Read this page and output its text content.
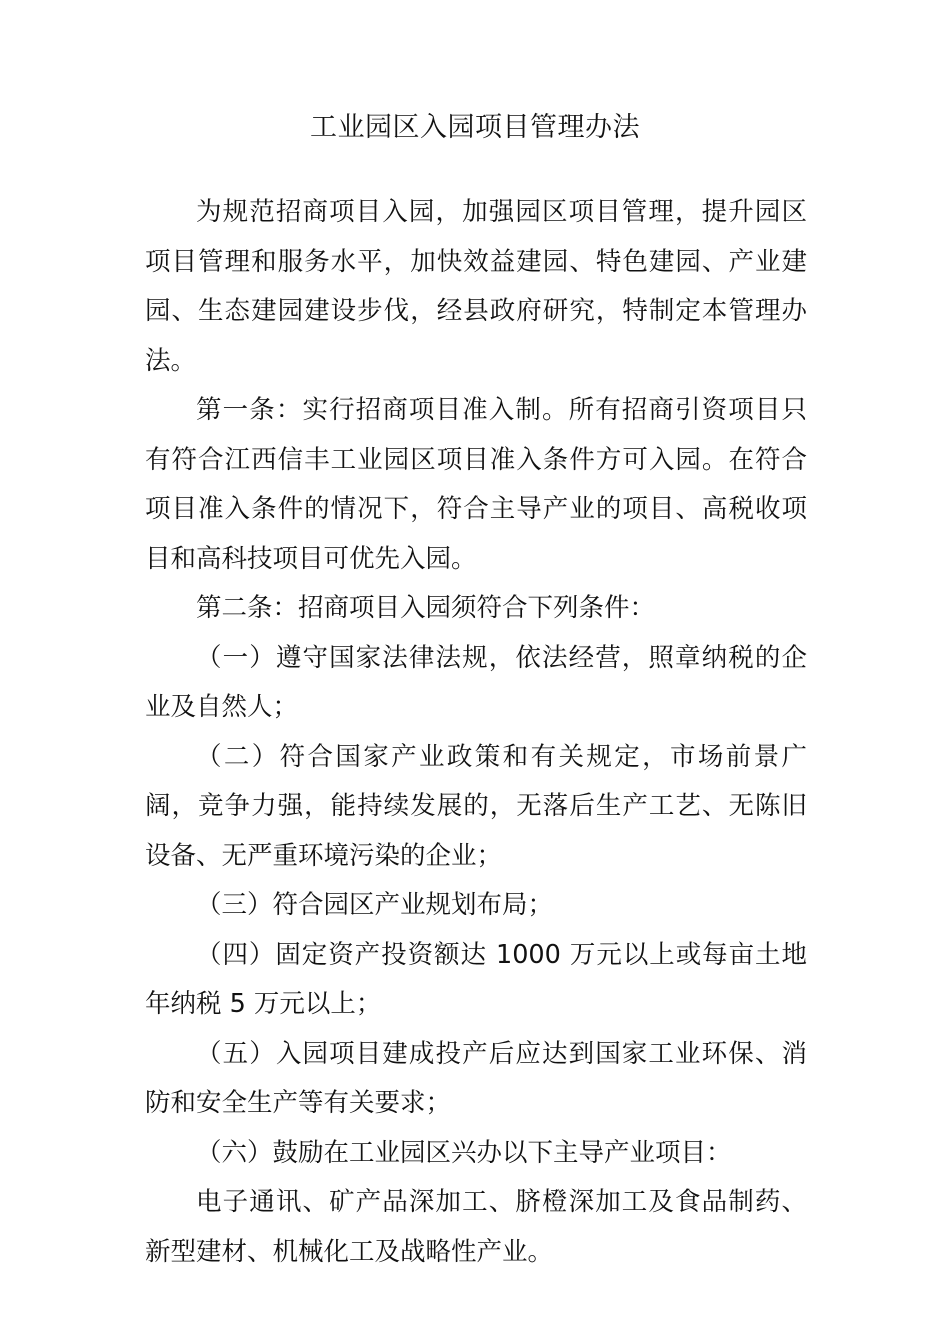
工业园区入园项目管理办法

为规范招商项目入园，加强园区项目管理，提升园区项目管理和服务水平，加快效益建园、特色建园、产业建园、生态建园建设步伐，经县政府研究，特制定本管理办法。

第一条：实行招商项目准入制。所有招商引资项目只有符合江西信丰工业园区项目准入条件方可入园。在符合项目准入条件的情况下，符合主导产业的项目、高税收项目和高科技项目可优先入园。

第二条：招商项目入园须符合下列条件：

（一）遵守国家法律法规，依法经营，照章纳税的企业及自然人；

（二）符合国家产业政策和有关规定，市场前景广阔，竞争力强，能持续发展的，无落后生产工艺、无陈旧设备、无严重环境污染的企业；

（三）符合园区产业规划布局；

（四）固定资产投资额达 1000 万元以上或每亩土地年纳税 5 万元以上；

（五）入园项目建成投产后应达到国家工业环保、消防和安全生产等有关要求；

（六）鼓励在工业园区兴办以下主导产业项目：

电子通讯、矿产品深加工、脐橙深加工及食品制药、新型建材、机械化工及战略性产业。
